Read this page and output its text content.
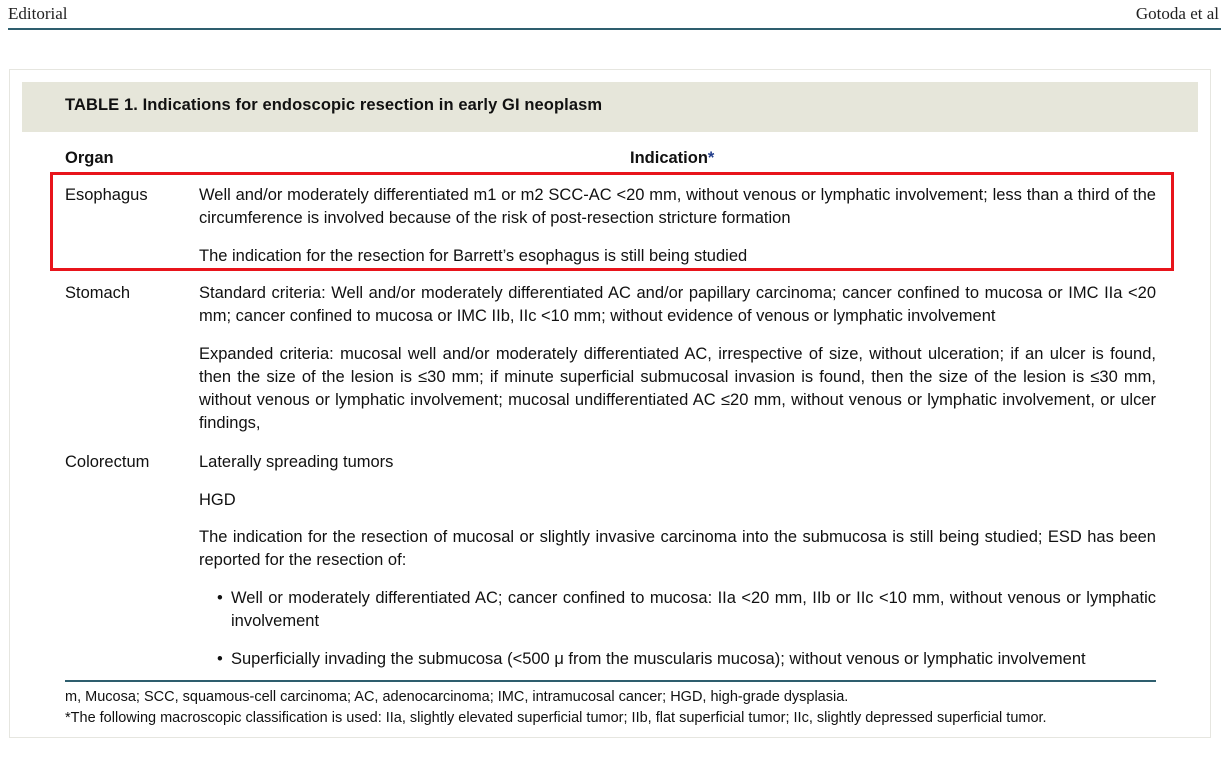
Editorial	Gotoda et al
TABLE 1. Indications for endoscopic resection in early GI neoplasm
Organ	Indication*
Esophagus	Well and/or moderately differentiated m1 or m2 SCC-AC <20 mm, without venous or lymphatic involvement; less than a third of the circumference is involved because of the risk of post-resection stricture formation
The indication for the resection for Barrett’s esophagus is still being studied
Stomach	Standard criteria: Well and/or moderately differentiated AC and/or papillary carcinoma; cancer confined to mucosa or IMC IIa <20 mm; cancer confined to mucosa or IMC IIb, IIc <10 mm; without evidence of venous or lymphatic involvement
Expanded criteria: mucosal well and/or moderately differentiated AC, irrespective of size, without ulceration; if an ulcer is found, then the size of the lesion is ≤30 mm; if minute superficial submucosal invasion is found, then the size of the lesion is ≤30 mm, without venous or lymphatic involvement; mucosal undifferentiated AC ≤20 mm, without venous or lymphatic involvement, or ulcer findings,
Colorectum	Laterally spreading tumors
HGD
The indication for the resection of mucosal or slightly invasive carcinoma into the submucosa is still being studied; ESD has been reported for the resection of:
• Well or moderately differentiated AC; cancer confined to mucosa: IIa <20 mm, IIb or IIc <10 mm, without venous or lymphatic involvement
• Superficially invading the submucosa (<500 μ from the muscularis mucosa); without venous or lymphatic involvement
m, Mucosa; SCC, squamous-cell carcinoma; AC, adenocarcinoma; IMC, intramucosal cancer; HGD, high-grade dysplasia.
*The following macroscopic classification is used: IIa, slightly elevated superficial tumor; IIb, flat superficial tumor; IIc, slightly depressed superficial tumor.
